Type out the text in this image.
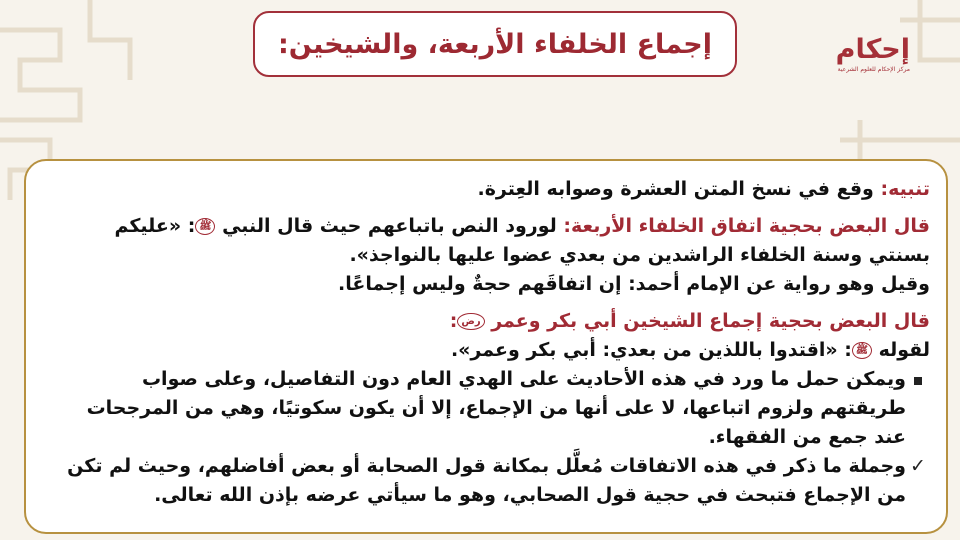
إجماع الخلفاء الأربعة، والشيخين:	إحكام
مركز الإحكام للعلوم الشرعية

تنبيه: وقع في نسخ المتن العشرة وصوابه العِترة.

قال البعض بحجية اتفاق الخلفاء الأربعة: لورود النص باتباعهم حيث قال النبي ﷺ: «عليكم بسنتي وسنة الخلفاء الراشدين من بعدي عضوا عليها بالنواجذ».

وقيل وهو رواية عن الإمام أحمد: إن اتفاقَهم حجةٌ وليس إجماعًا.

قال البعض بحجية إجماع الشيخين أبي بكر وعمر رض:

لقوله ﷺ: «اقتدوا باللذين من بعدي: أبي بكر وعمر».

ويمكن حمل ما ورد في هذه الأحاديث على الهدي العام دون التفاصيل، وعلى صواب طريقتهم ولزوم اتباعها، لا على أنها من الإجماع، إلا أن يكون سكوتيًا، وهي من المرجحات عند جمع من الفقهاء.
✓
وجملة ما ذكر في هذه الاتفاقات مُعلَّل بمكانة قول الصحابة أو بعض أفاضلهم، وحيث لم تكن من الإجماع فتبحث في حجية قول الصحابي، وهو ما سيأتي عرضه بإذن الله تعالى.
